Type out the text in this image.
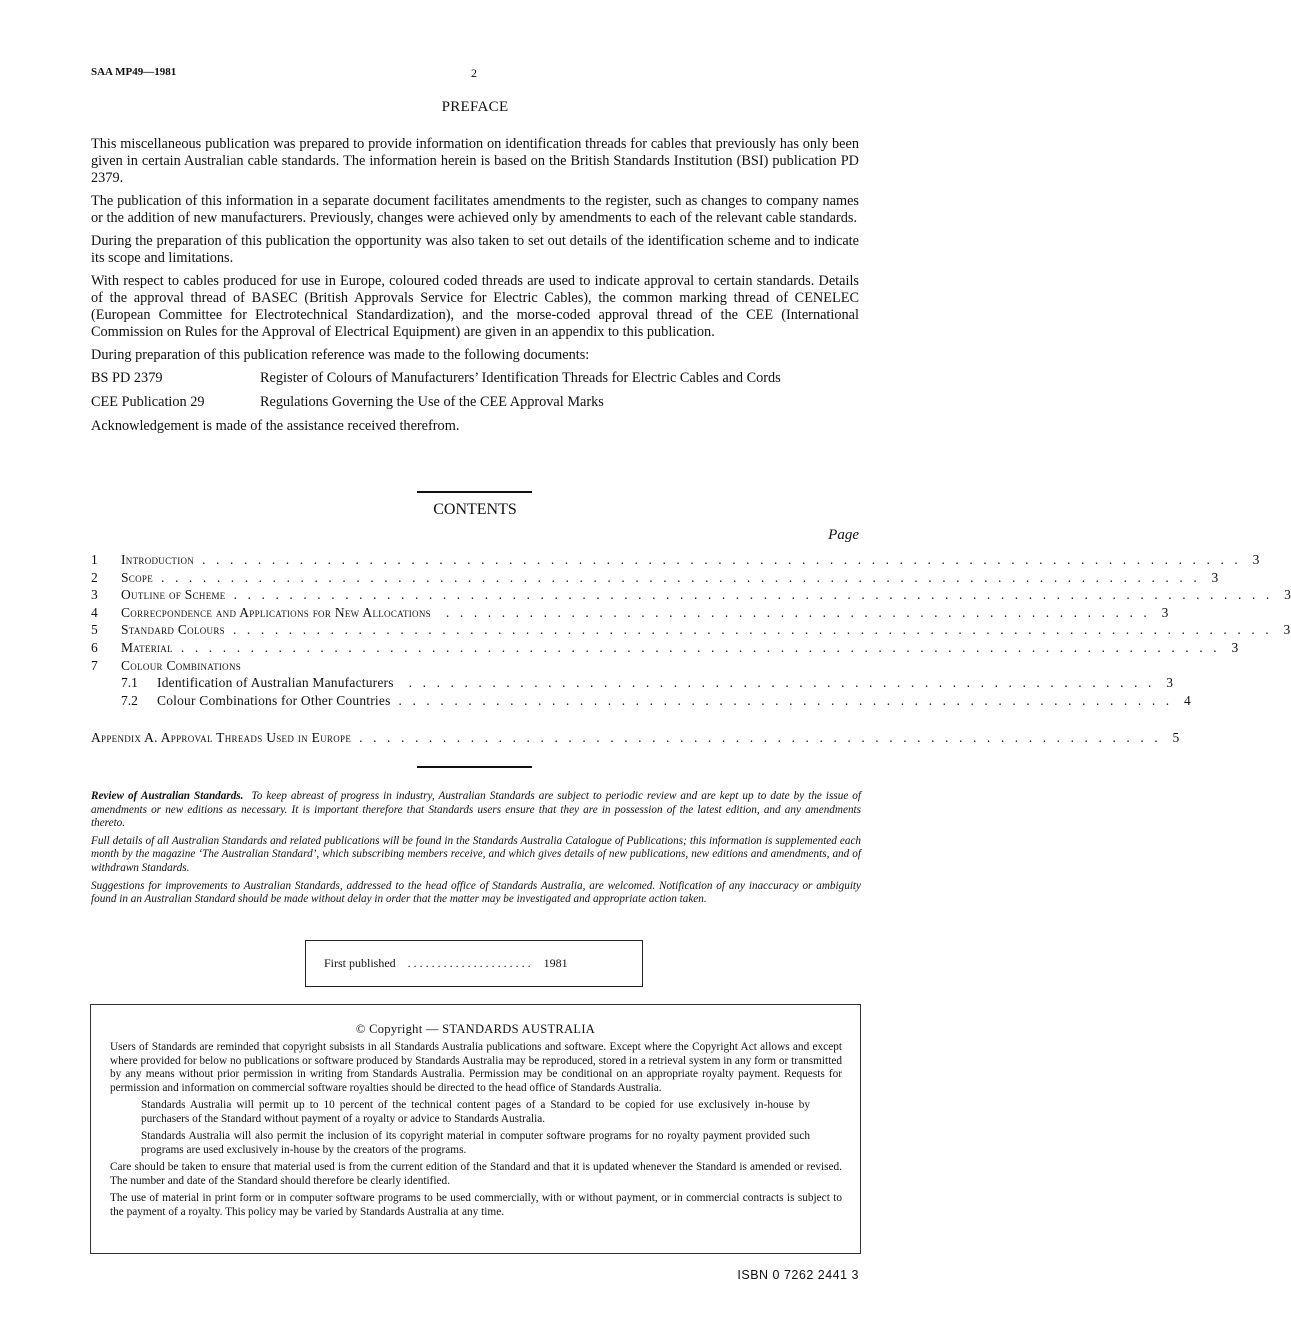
SAA MP49—1981	2
PREFACE

This miscellaneous publication was prepared to provide information on identification threads for cables that previously has only been given in certain Australian cable standards. The information herein is based on the British Standards Institution (BSI) publication PD 2379.

The publication of this information in a separate document facilitates amendments to the register, such as changes to company names or the addition of new manufacturers. Previously, changes were achieved only by amendments to each of the relevant cable standards.

During the preparation of this publication the opportunity was also taken to set out details of the identification scheme and to indicate its scope and limitations.

With respect to cables produced for use in Europe, coloured coded threads are used to indicate approval to certain standards. Details of the approval thread of BASEC (British Approvals Service for Electric Cables), the common marking thread of CENELEC (European Committee for Electrotechnical Standardization), and the morse-coded approval thread of the CEE (International Commission on Rules for the Approval of Electrical Equipment) are given in an appendix to this publication.

During preparation of this publication reference was made to the following documents:

BS PD 2379	Register of Colours of Manufacturers’ Identification Threads for Electric Cables and Cords
CEE Publication 29	Regulations Governing the Use of the CEE Approval Marks

Acknowledgement is made of the assistance received therefrom.

CONTENTS
Page
1	Introduction . . . . . . . . . . . . . . . . . . . . . . . . . . . . . . . . . . . . . . . . . . . . . . . . . . . . . . . . . . . . . . . . . . . . . . . . . . . 3
2	Scope . . . . . . . . . . . . . . . . . . . . . . . . . . . . . . . . . . . . . . . . . . . . . . . . . . . . . . . . . . . . . . . . . . . . . . . . . . . 3
3	Outline of Scheme . . . . . . . . . . . . . . . . . . . . . . . . . . . . . . . . . . . . . . . . . . . . . . . . . . . . . . . . . . . . . . . . . . . . . . . . . . . 3
4	Correcpondence and Applications for New Allocations . . . . . . . . . . . . . . . . . . . . . . . . . . . . . . . . . . . . . . . . . . . . . . . . . . . 3
5	Standard Colours . . . . . . . . . . . . . . . . . . . . . . . . . . . . . . . . . . . . . . . . . . . . . . . . . . . . . . . . . . . . . . . . . . . . . . . . . . . 3
6	Material . . . . . . . . . . . . . . . . . . . . . . . . . . . . . . . . . . . . . . . . . . . . . . . . . . . . . . . . . . . . . . . . . . . . . . . . . . . 3
7	Colour Combinations
7.1	Identification of Australian Manufacturers . . . . . . . . . . . . . . . . . . . . . . . . . . . . . . . . . . . . . . . . . . . . . . . . . . . . . . 3
7.2	Colour Combinations for Other Countries . . . . . . . . . . . . . . . . . . . . . . . . . . . . . . . . . . . . . . . . . . . . . . . . . . . . . . . . 4
Appendix A. Approval Threads Used in Europe . . . . . . . . . . . . . . . . . . . . . . . . . . . . . . . . . . . . . . . . . . . . . . . . . . . . . . . . . . 5

Review of Australian Standards. To keep abreast of progress in industry, Australian Standards are subject to periodic review and are kept up to date by the issue of amendments or new editions as necessary. It is important therefore that Standards users ensure that they are in possession of the latest edition, and any amendments thereto.

Full details of all Australian Standards and related publications will be found in the Standards Australia Catalogue of Publications; this information is supplemented each month by the magazine ‘The Australian Standard’, which subscribing members receive, and which gives details of new publications, new editions and amendments, and of withdrawn Standards.

Suggestions for improvements to Australian Standards, addressed to the head office of Standards Australia, are welcomed. Notification of any inaccuracy or ambiguity found in an Australian Standard should be made without delay in order that the matter may be investigated and appropriate action taken.

First published ..................... 1981
© Copyright — STANDARDS AUSTRALIA

Users of Standards are reminded that copyright subsists in all Standards Australia publications and software. Except where the Copyright Act allows and except where provided for below no publications or software produced by Standards Australia may be reproduced, stored in a retrieval system in any form or transmitted by any means without prior permission in writing from Standards Australia. Permission may be conditional on an appropriate royalty payment. Requests for permission and information on commercial software royalties should be directed to the head office of Standards Australia.

Standards Australia will permit up to 10 percent of the technical content pages of a Standard to be copied for use exclusively in-house by purchasers of the Standard without payment of a royalty or advice to Standards Australia.

Standards Australia will also permit the inclusion of its copyright material in computer software programs for no royalty payment provided such programs are used exclusively in-house by the creators of the programs.

Care should be taken to ensure that material used is from the current edition of the Standard and that it is updated whenever the Standard is amended or revised. The number and date of the Standard should therefore be clearly identified.

The use of material in print form or in computer software programs to be used commercially, with or without payment, or in commercial contracts is subject to the payment of a royalty. This policy may be varied by Standards Australia at any time.

ISBN 0 7262 2441 3
